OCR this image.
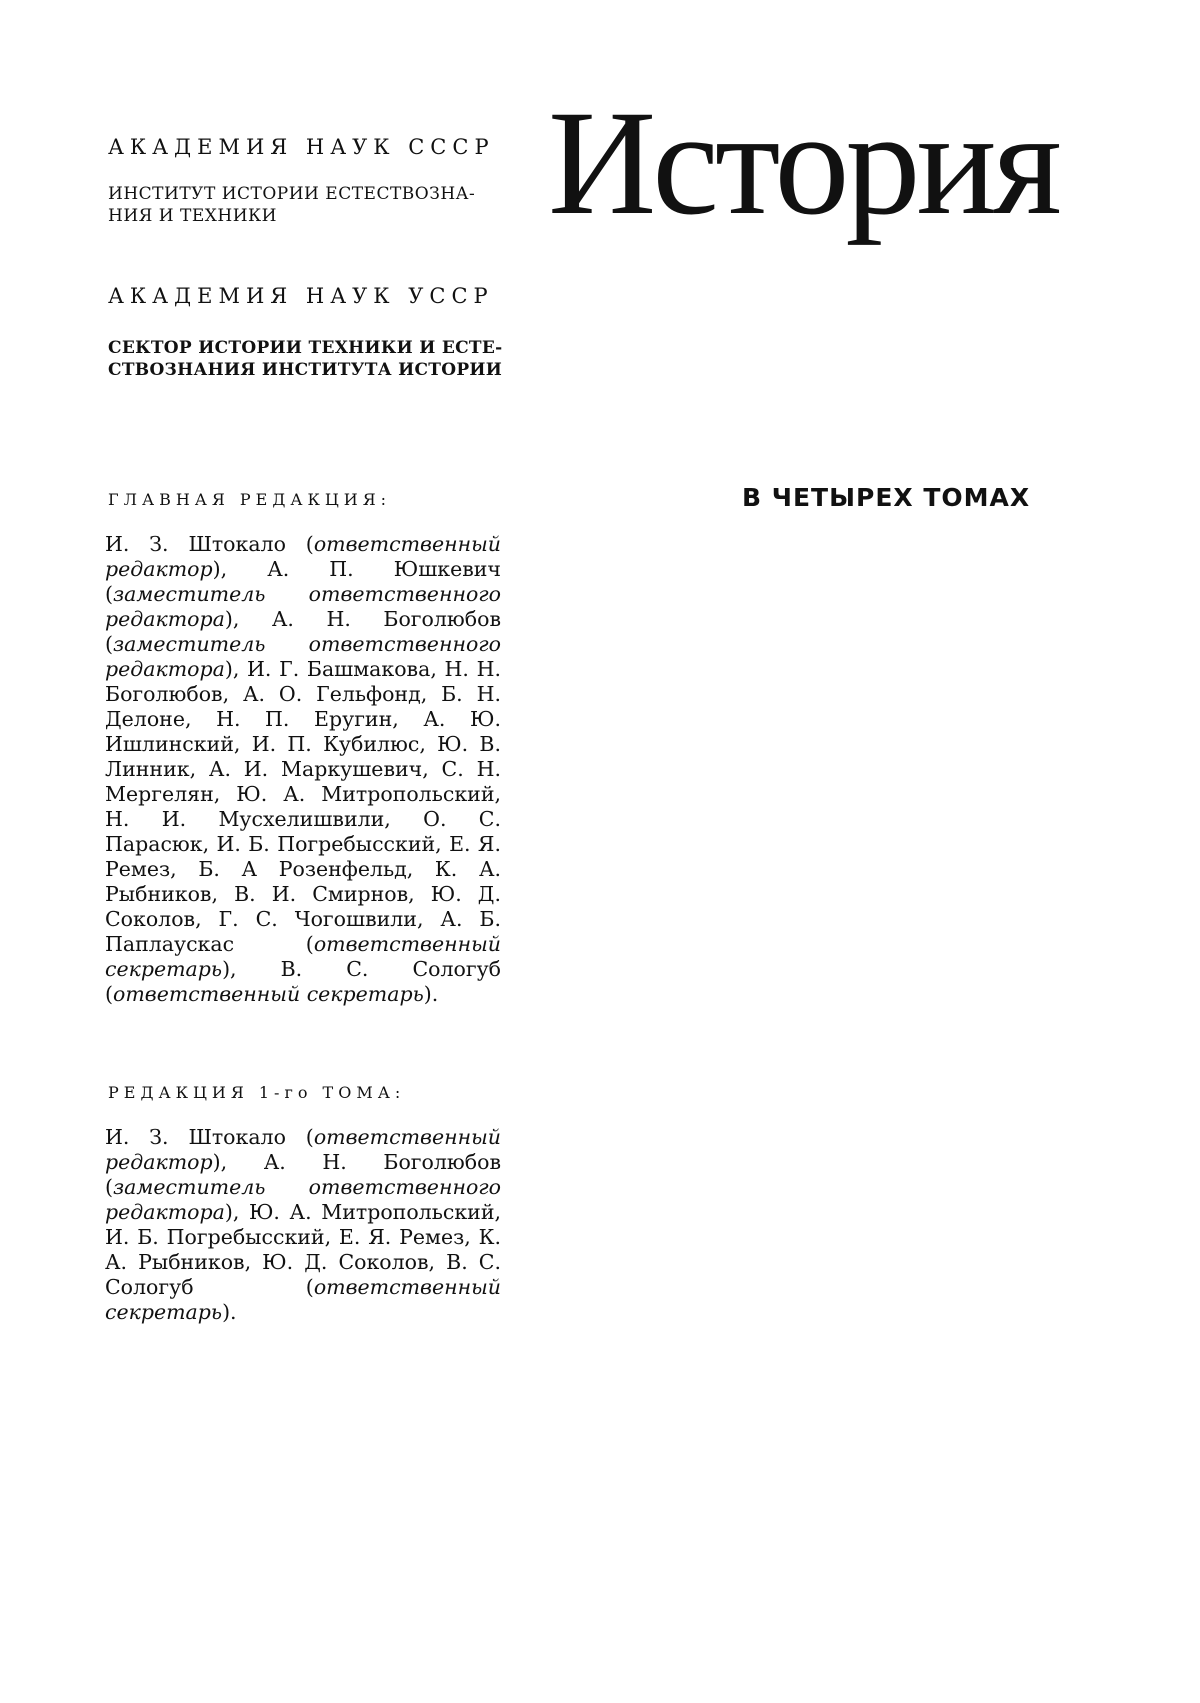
АКАДЕМИЯ НАУК СССР
ИНСТИТУТ ИСТОРИИ ЕСТЕСТВОЗНА-
НИЯ И ТЕХНИКИ
АКАДЕМИЯ НАУК УССР
СЕКТОР ИСТОРИИ ТЕХНИКИ И ЕСТЕ-
СТВОЗНАНИЯ ИНСТИТУТА ИСТОРИИ
История
В ЧЕТЫРЕХ ТОМАХ
ГЛАВНАЯ РЕДАКЦИЯ:

И. З. Штокало (ответственный редактор), А. П. Юшкевич (заместитель ответственного редактора), А. Н. Боголюбов (заместитель ответственного редактора), И. Г. Башмакова, Н. Н. Боголюбов, А. О. Гельфонд, Б. Н. Делоне, Н. П. Еругин, А. Ю. Ишлинский, И. П. Кубилюс, Ю. В. Линник, А. И. Маркушевич, С. Н. Мергелян, Ю. А. Митропольский, Н. И. Мусхелишвили, О. С. Парасюк, И. Б. Погребысский, Е. Я. Ремез, Б. А Розенфельд, К. А. Рыбников, В. И. Смирнов, Ю. Д. Соколов, Г. С. Чогошвили, А. Б. Паплаускас (ответственный секретарь), В. С. Сологуб (ответственный секретарь).

РЕДАКЦИЯ 1-го ТОМА:

И. З. Штокало (ответственный редактор), А. Н. Боголюбов (заместитель ответственного редактора), Ю. А. Митропольский, И. Б. Погребысский, Е. Я. Ремез, К. А. Рыбников, Ю. Д. Соколов, В. С. Сологуб (ответственный секретарь).
